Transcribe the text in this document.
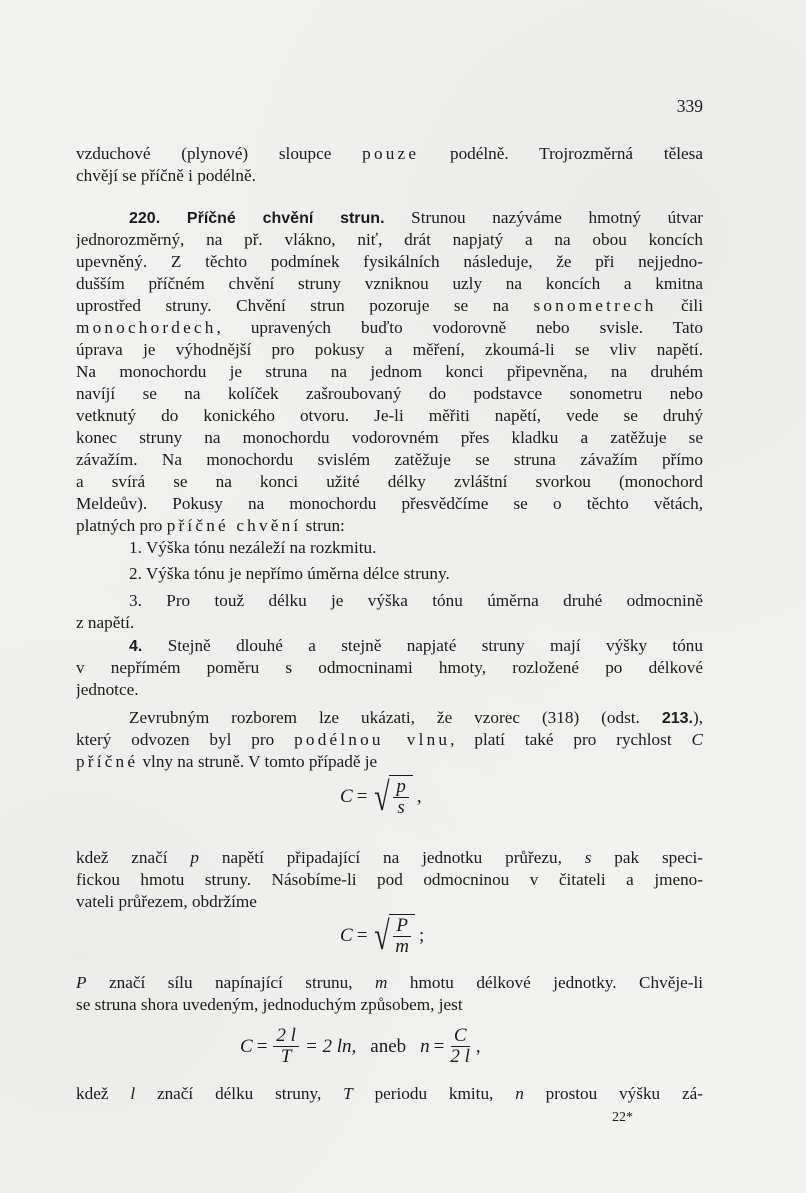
339
vzduchové (plynové) sloupce pouze podélně. Trojrozměrná tělesa
chvějí se příčně i podélně.
220. Příčné chvění strun. Strunou nazýváme hmotný útvar
jednorozměrný, na př. vlákno, niť, drát napjatý a na obou koncích
upevněný. Z těchto podmínek fysikálních následuje, že při nejjedno-
dušším příčném chvění struny vzniknou uzly na koncích a kmitna
uprostřed struny. Chvění strun pozoruje se na sonometrech čili
monochordech, upravených buďto vodorovně nebo svisle. Tato
úprava je výhodnější pro pokusy a měření, zkoumá-li se vliv napětí.
Na monochordu je struna na jednom konci připevněna, na druhém
navíjí se na kolíček zašroubovaný do podstavce sonometru nebo
vetknutý do konického otvoru. Je-li měřiti napětí, vede se druhý
konec struny na monochordu vodorovném přes kladku a zatěžuje se
závažím. Na monochordu svislém zatěžuje se struna závažím přímo
a svírá se na konci užité délky zvláštní svorkou (monochord
Meldeův). Pokusy na monochordu přesvědčíme se o těchto větách,
platných pro příčné chvění strun:
1. Výška tónu nezáleží na rozkmitu.
2. Výška tónu je nepřímo úměrna délce struny.
3. Pro touž délku je výška tónu úměrna druhé odmocnině
z napětí.
4. Stejně dlouhé a stejně napjaté struny mají výšky tónu
v nepřímém poměru s odmocninami hmoty, rozložené po délkové
jednotce.
Zevrubným rozborem lze ukázati, že vzorec (318) (odst. 213.),
který odvozen byl pro podélnou vlnu, platí také pro rychlost C
příčné vlny na struně. V tomto případě je
kdež značí p napětí připadající na jednotku průřezu, s pak speci-
fickou hmotu struny. Násobíme-li pod odmocninou v čitateli a jmeno-
vateli průřezem, obdržíme
P značí sílu napínající strunu, m hmotu délkové jednotky. Chvěje-li
se struna shora uvedeným, jednoduchým způsobem, jest
kdež l značí délku struny, T periodu kmitu, n prostou výšku zá-
C = √ $\frac{p}{s}$ ,
C = √ $\frac{P}{m}$ ;
$C = \frac{2 l}{T} = 2$ ln, aneb $n = \frac{C}{2 l}$ ,
22*
